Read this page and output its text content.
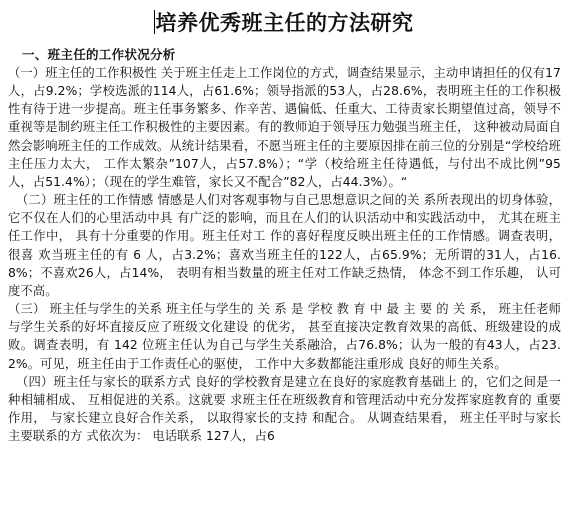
培养优秀班主任的方法研究
一、班主任的工作状况分析

（一）班主任的工作积极性 关于班主任走上工作岗位的方式，调查结果显示，主动申请担任的仅有17人，占9.2%；学校选派的114人，占61.6%；领导指派的53人，占28.6%，表明班主任的工作积极性有待于进一步提高。班主任事务繁多、作辛苦、遇偏低、任重大、工待责家长期望值过高，领导不重视等是制约班主任工作积极性的主要因素。有的教师迫于领导压力勉强当班主任， 这种被动局面自然会影响班主任的工作成效。从统计结果看，不愿当班主任的主要原因排在前三位的分别是“学校给班主任压力太大， 工作太繁杂”107人，占57.8%）；“学（校给班主任待遇低，与付出不成比例”95人，占51.4%）；（现在的学生难管，家长又不配合”82人，占44.3%）。“

（二）班主任的工作情感 情感是人们对客观事物与自己思想意识之间的关 系所表现出的切身体验， 它不仅在人们的心里活动中具 有广泛的影响，而且在人们的认识活动中和实践活动中， 尤其在班主任工作中， 具有十分重要的作用。班主任对工 作的喜好程度反映出班主任的工作情感。调查表明， 很喜 欢当班主任的有 6 人，占3.2%；喜欢当班主任的122人，占65.9%；无所谓的31人，占16.8%；不喜欢26人，占14%， 表明有相当数量的班主任对工作缺乏热情， 体念不到工作乐趣， 认可度不高。

（三） 班主任与学生的关系 班主任与学生的 关 系 是 学校 教 育 中 最 主 要 的 关 系， 班主任老师与学生关系的好坏直接反应了班级文化建设 的优劣， 甚至直接决定教育效果的高低、班级建设的成 败。调查表明，有 142 位班主任认为自己与学生关系融洽，占76.8%；认为一般的有43人，占23.2%。可见，班主任由于工作责任心的驱使， 工作中大多数都能注重形成 良好的师生关系。

（四）班主任与家长的联系方式 良好的学校教育是建立在良好的家庭教育基础上 的，它们之间是一种相辅相成、 互相促进的关系。这就要 求班主任在班级教育和管理活动中充分发挥家庭教育的 重要作用， 与家长建立良好合作关系， 以取得家长的支持 和配合。 从调查结果看， 班主任平时与家长主要联系的方 式依次为： 电话联系 127人，占6
